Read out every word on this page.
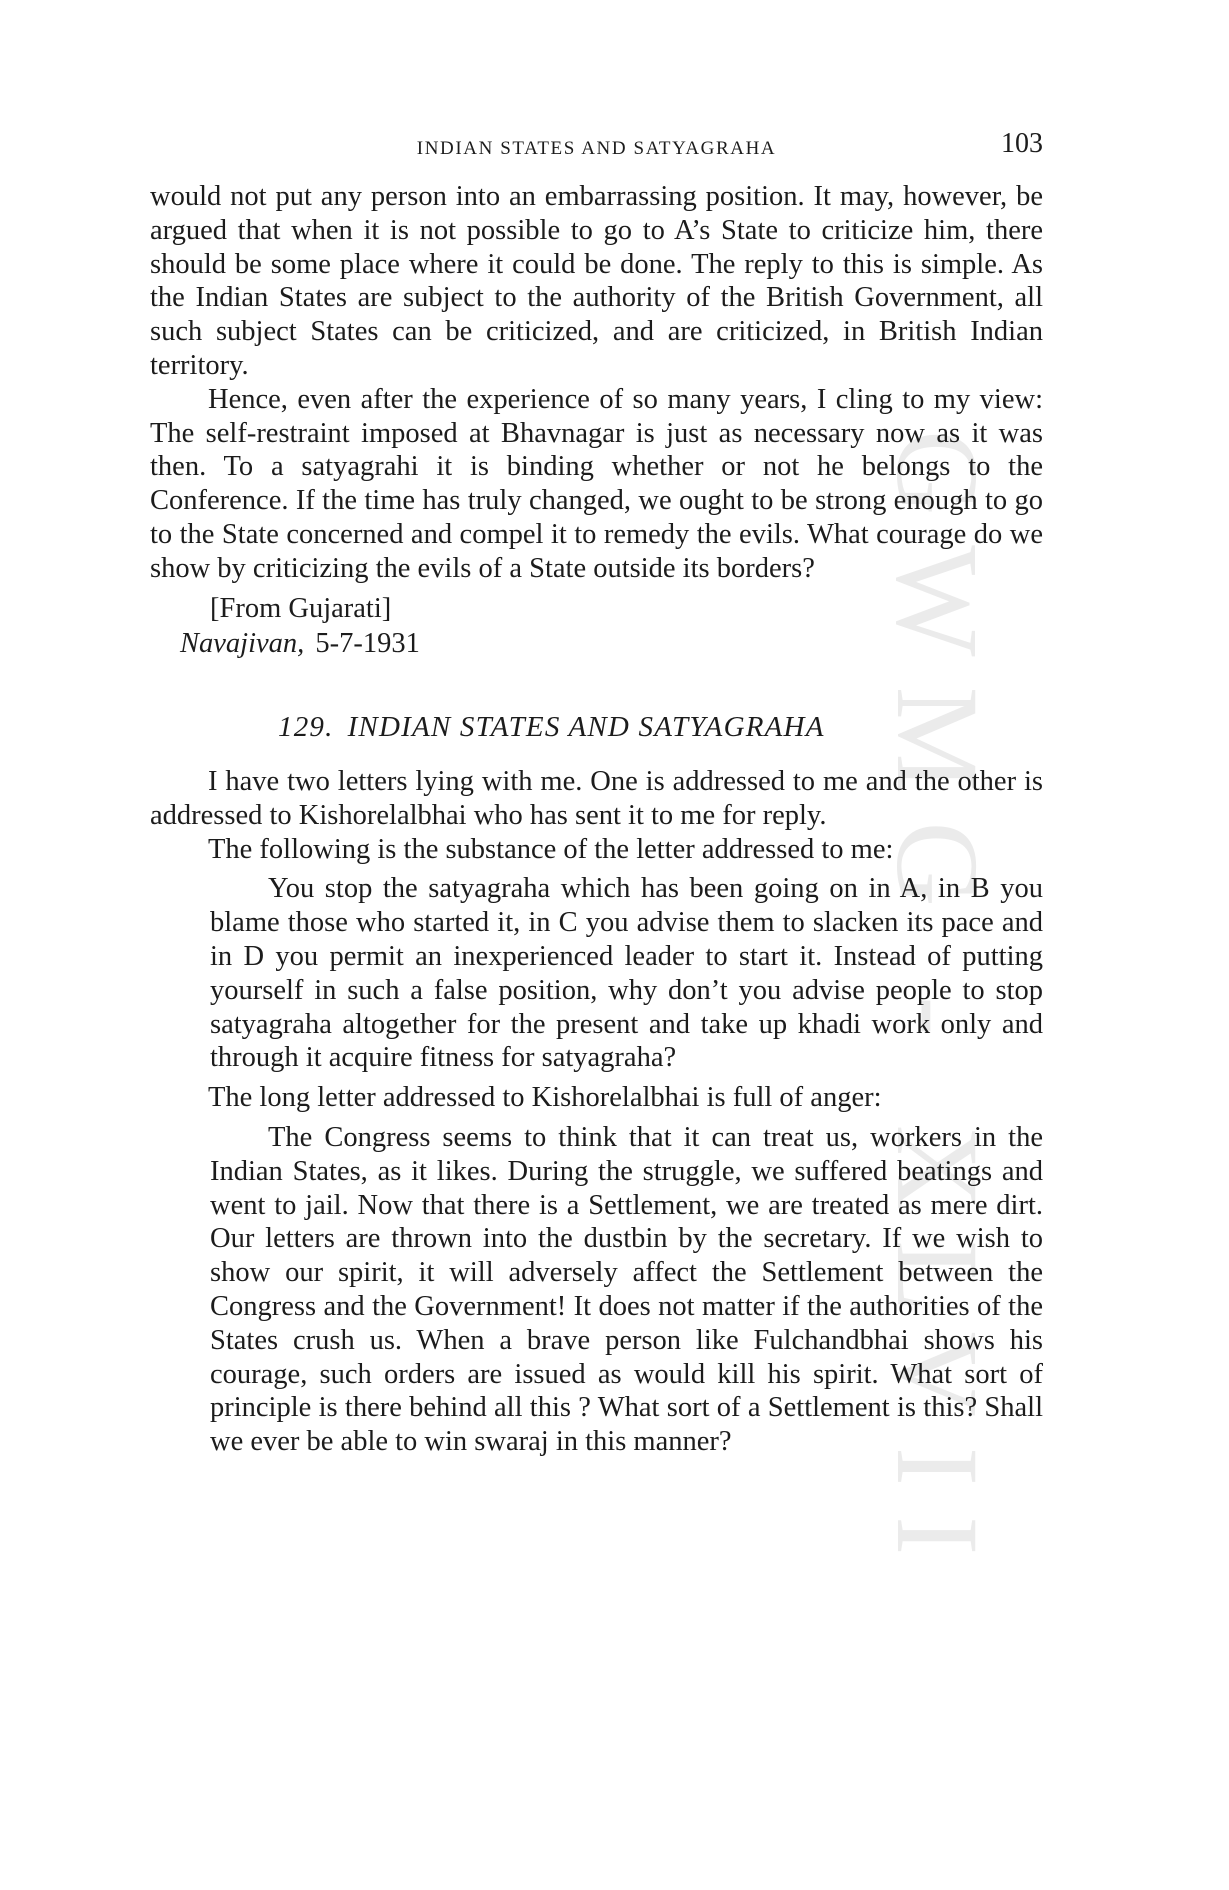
GWMG - XLVII
INDIAN STATES AND SATYAGRAHA	103

would not put any person into an embarrassing position. It may, however, be argued that when it is not possible to go to A’s State to criticize him, there should be some place where it could be done. The reply to this is simple. As the Indian States are subject to the authority of the British Government, all such subject States can be criticized, and are criticized, in British Indian territory.

Hence, even after the experience of so many years, I cling to my view: The self-restraint imposed at Bhavnagar is just as necessary now as it was then. To a satyagrahi it is binding whether or not he belongs to the Conference. If the time has truly changed, we ought to be strong enough to go to the State concerned and compel it to remedy the evils. What courage do we show by criticizing the evils of a State outside its borders?

[From Gujarati]

Navajivan, 5-7-1931

129. INDIAN STATES AND SATYAGRAHA

I have two letters lying with me. One is addressed to me and the other is addressed to Kishorelalbhai who has sent it to me for reply.

The following is the substance of the letter addressed to me:

You stop the satyagraha which has been going on in A, in B you blame those who started it, in C you advise them to slacken its pace and in D you permit an inexperienced leader to start it. Instead of putting yourself in such a false position, why don’t you advise people to stop satyagraha altogether for the present and take up khadi work only and through it acquire fitness for satyagraha?

The long letter addressed to Kishorelalbhai is full of anger:

The Congress seems to think that it can treat us, workers in the Indian States, as it likes. During the struggle, we suffered beatings and went to jail. Now that there is a Settlement, we are treated as mere dirt. Our letters are thrown into the dustbin by the secretary. If we wish to show our spirit, it will adversely affect the Settlement between the Congress and the Government! It does not matter if the authorities of the States crush us. When a brave person like Fulchandbhai shows his courage, such orders are issued as would kill his spirit. What sort of principle is there behind all this ? What sort of a Settlement is this? Shall we ever be able to win swaraj in this manner?
